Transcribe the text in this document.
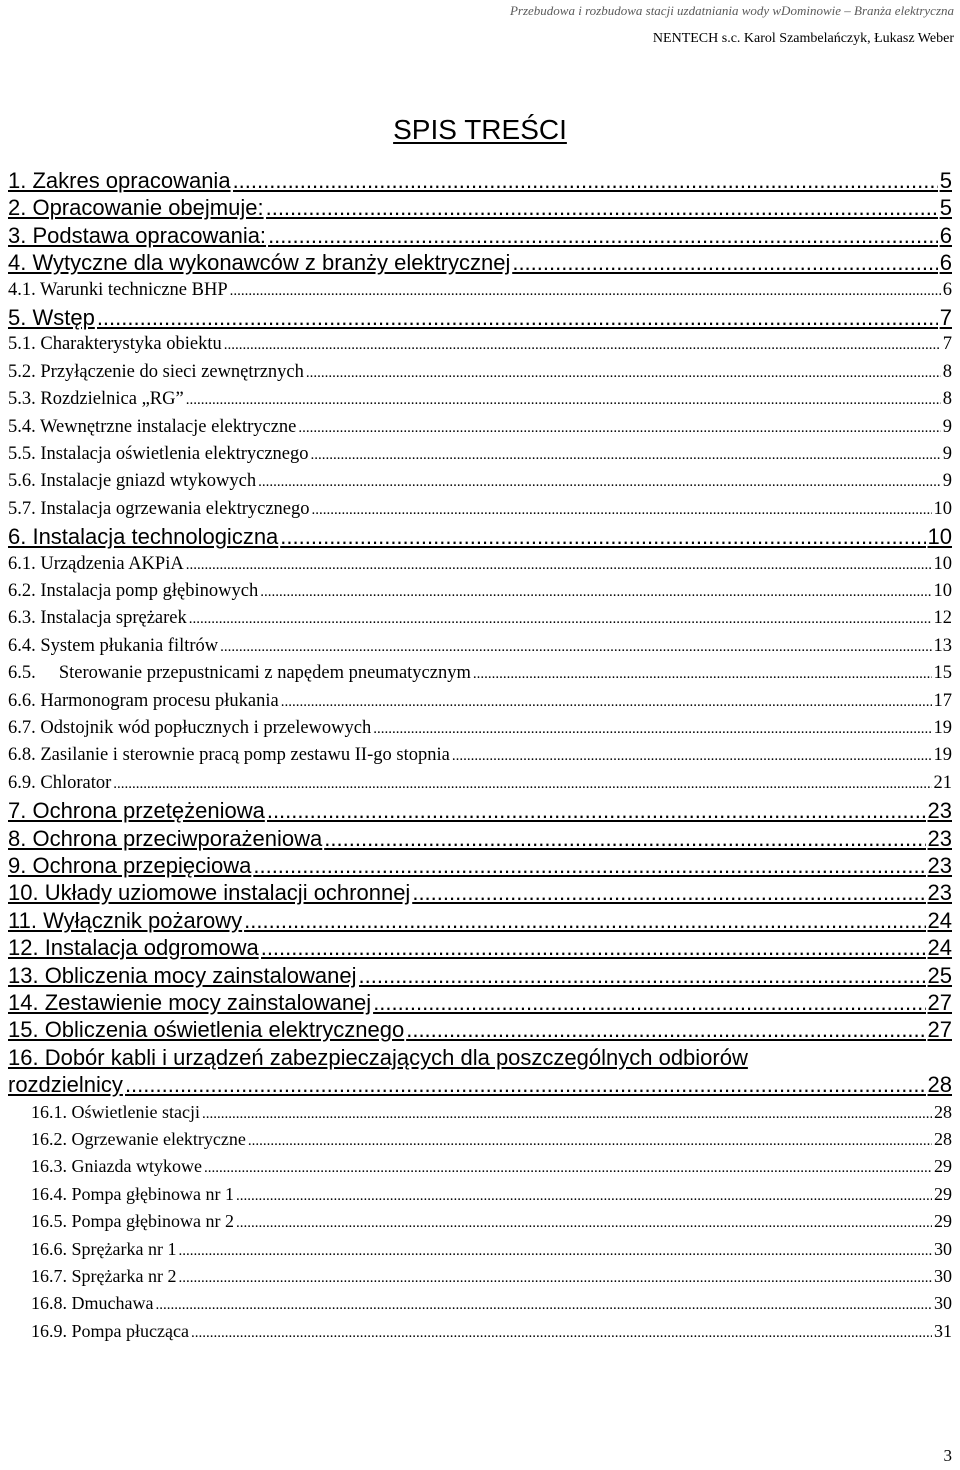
Przebudowa i rozbudowa stacji uzdatniania wody wDominowie – Branża elektryczna
NENTECH s.c. Karol Szambelańczyk, Łukasz Weber
SPIS TREŚCI
1. Zakres opracowania .....	5
2. Opracowanie obejmuje: .....	5
3. Podstawa opracowania: .....	6
4. Wytyczne dla wykonawców z branży elektrycznej .....	6
4.1. Warunki techniczne BHP .....	6
5. Wstęp .....	7
5.1. Charakterystyka obiektu .....	7
5.2. Przyłączenie do sieci zewnętrznych .....	8
5.3. Rozdzielnica „RG” .....	8
5.4. Wewnętrzne instalacje elektryczne .....	9
5.5. Instalacja oświetlenia elektrycznego .....	9
5.6. Instalacje gniazd wtykowych .....	9
5.7. Instalacja ogrzewania elektrycznego .....	10
6. Instalacja technologiczna .....	10
6.1. Urządzenia AKPiA .....	10
6.2. Instalacja pomp głębinowych .....	10
6.3. Instalacja sprężarek .....	12
6.4. System płukania filtrów .....	13
6.5.     Sterowanie przepustnicami z napędem pneumatycznym .....	15
6.6. Harmonogram procesu płukania .....	17
6.7. Odstojnik wód popłucznych i przelewowych .....	19
6.8. Zasilanie i sterownie pracą pomp zestawu II-go stopnia .....	19
6.9. Chlorator .....	21
7. Ochrona przetężeniowa .....	23
8. Ochrona przeciwporażeniowa .....	23
9. Ochrona przepięciowa .....	23
10. Układy uziomowe instalacji ochronnej .....	23
11. Wyłącznik pożarowy .....	24
12. Instalacja odgromowa .....	24
13. Obliczenia mocy zainstalowanej .....	25
14. Zestawienie mocy zainstalowanej .....	27
15. Obliczenia oświetlenia elektrycznego .....	27
16. Dobór kabli i urządzeń zabezpieczających dla poszczególnych odbiorów
rozdzielnicy .....	28
16.1. Oświetlenie stacji .....	28
16.2. Ogrzewanie elektryczne .....	28
16.3. Gniazda wtykowe .....	29
16.4. Pompa głębinowa nr 1 .....	29
16.5. Pompa głębinowa nr 2 .....	29
16.6. Sprężarka nr 1 .....	30
16.7. Sprężarka nr 2 .....	30
16.8. Dmuchawa .....	30
16.9. Pompa płucząca .....	31
3
